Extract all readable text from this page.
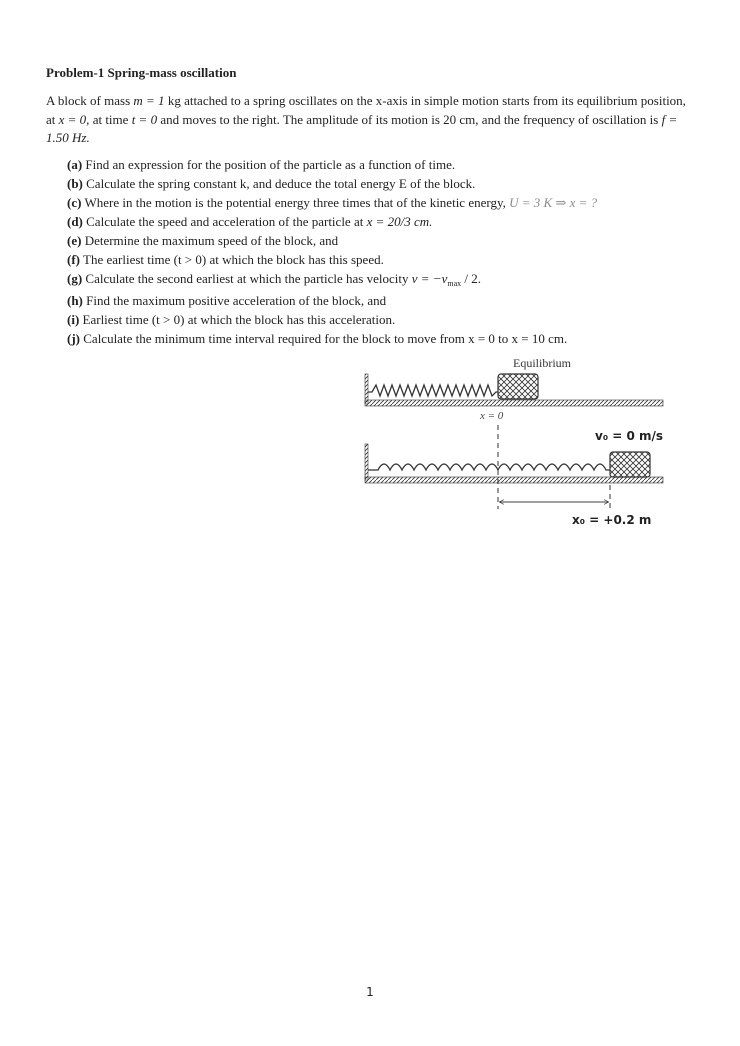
Problem-1 Spring-mass oscillation
A block of mass m = 1 kg attached to a spring oscillates on the x-axis in simple motion starts from its equilibrium position, at x = 0, at time t = 0 and moves to the right. The amplitude of its motion is 20 cm, and the frequency of oscillation is f = 1.50 Hz.
(a) Find an expression for the position of the particle as a function of time.
(b) Calculate the spring constant k, and deduce the total energy E of the block.
(c) Where in the motion is the potential energy three times that of the kinetic energy, U = 3 K ⇒ x = ?
(d) Calculate the speed and acceleration of the particle at x = 20/3 cm.
(e) Determine the maximum speed of the block, and
(f) The earliest time (t > 0) at which the block has this speed.
(g) Calculate the second earliest at which the particle has velocity $v = -v_{max} / 2$.
(h) Find the maximum positive acceleration of the block, and
(i) Earliest time (t > 0) at which the block has this acceleration.
(j) Calculate the minimum time interval required for the block to move from x = 0 to x = 10 cm.
Equilibrium
x = 0
v₀ = 0 m/s
x₀ = +0.2 m
1
